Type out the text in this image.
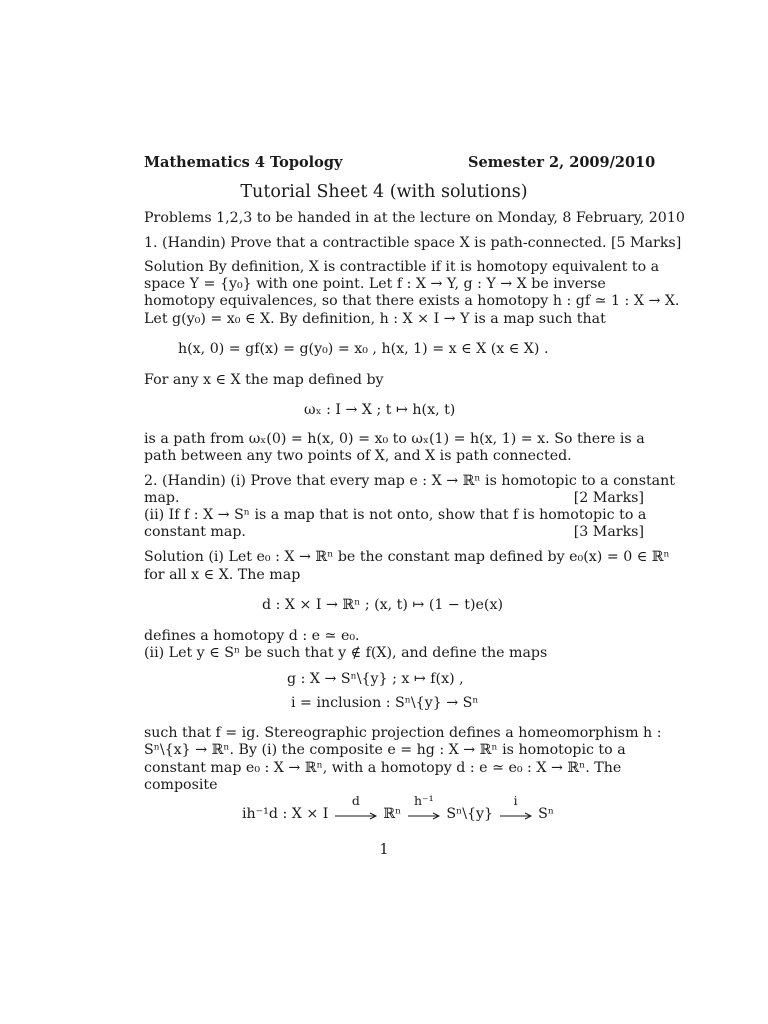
Mathematics 4 Topology	Semester 2, 2009/2010
Tutorial Sheet 4 (with solutions)
Problems 1,2,3 to be handed in at the lecture on Monday, 8 February, 2010
1. (Handin) Prove that a contractible space X is path-connected. [5 Marks]
Solution By definition, X is contractible if it is homotopy equivalent to a
space Y = {y₀} with one point. Let f : X → Y, g : Y → X be inverse
homotopy equivalences, so that there exists a homotopy h : gf ≃ 1 : X → X.
Let g(y₀) = x₀ ∈ X. By definition, h : X × I → Y is a map such that
h(x, 0) = gf(x) = g(y₀) = x₀ , h(x, 1) = x ∈ X (x ∈ X) .
For any x ∈ X the map defined by
ωₓ : I → X ; t ↦ h(x, t)
is a path from ωₓ(0) = h(x, 0) = x₀ to ωₓ(1) = h(x, 1) = x. So there is a
path between any two points of X, and X is path connected.
2. (Handin) (i) Prove that every map e : X → ℝⁿ is homotopic to a constant
map.	[2 Marks]
(ii) If f : X → Sⁿ is a map that is not onto, show that f is homotopic to a
constant map.	[3 Marks]
Solution (i) Let e₀ : X → ℝⁿ be the constant map defined by e₀(x) = 0 ∈ ℝⁿ
for all x ∈ X. The map
d : X × I → ℝⁿ ; (x, t) ↦ (1 − t)e(x)
defines a homotopy d : e ≃ e₀.
(ii) Let y ∈ Sⁿ be such that y ∉ f(X), and define the maps
g : X → Sⁿ\{y} ; x ↦ f(x) ,
i = inclusion : Sⁿ\{y} → Sⁿ
such that f = ig. Stereographic projection defines a homeomorphism h :
Sⁿ\{x} → ℝⁿ. By (i) the composite e = hg : X → ℝⁿ is homotopic to a
constant map e₀ : X → ℝⁿ, with a homotopy d : e ≃ e₀ : X → ℝⁿ. The
composite
ih⁻¹d : X × I
d
ℝⁿ
h⁻¹
Sⁿ\{y}
i
Sⁿ
1
